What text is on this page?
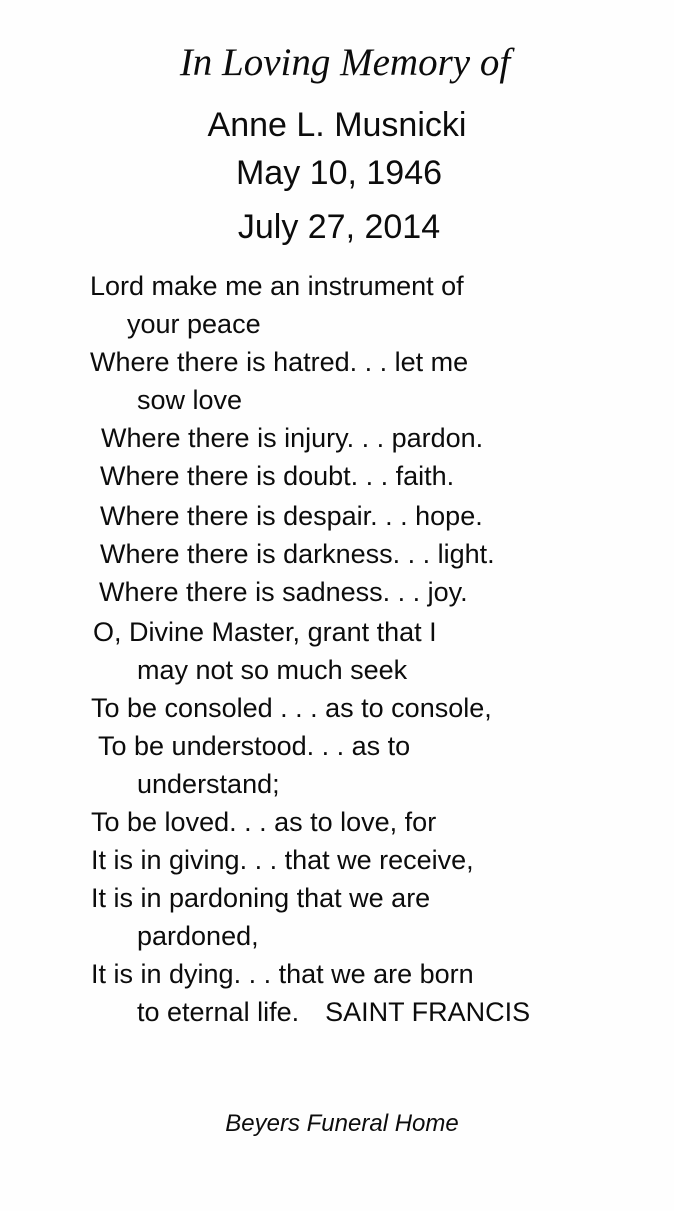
In Loving Memory of
Anne L. Musnicki
May 10, 1946
July 27, 2014

Lord make me an instrument of

your peace

Where there is hatred. . . let me

sow love

Where there is injury. . . pardon.

Where there is doubt. . . faith.

Where there is despair. . . hope.

Where there is darkness. . . light.

Where there is sadness. . . joy.

O, Divine Master, grant that I

may not so much seek

To be consoled . . . as to console,

To be understood. . . as to

understand;

To be loved. . . as to love, for

It is in giving. . . that we receive,

It is in pardoning that we are

pardoned,

It is in dying. . . that we are born

to eternal life. SAINT FRANCIS

Beyers Funeral Home
